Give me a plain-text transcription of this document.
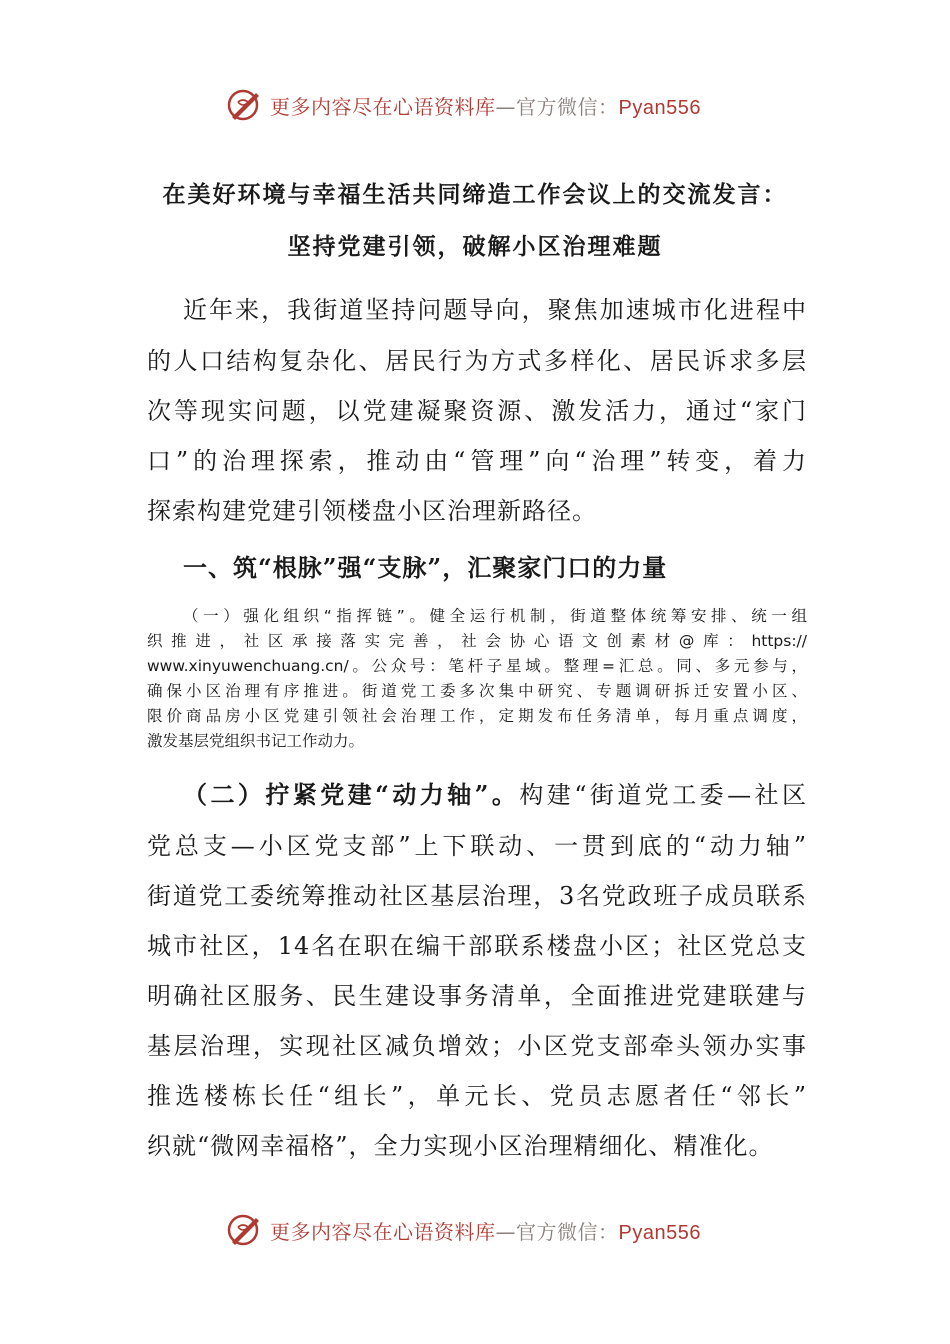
更多内容尽在心语资料库—官方微信：Pyan556
在美好环境与幸福生活共同缔造工作会议上的交流发言：
坚持党建引领，破解小区治理难题
近年来，我街道坚持问题导向，聚焦加速城市化进程中
的人口结构复杂化、居民行为方式多样化、居民诉求多层
次等现实问题，以党建凝聚资源、激发活力，通过“家门
口”的治理探索，推动由“管理”向“治理”转变，着力
探索构建党建引领楼盘小区治理新路径。
一、筑“根脉”强“支脉”，汇聚家门口的力量
（一）强化组织“指挥链”。健全运行机制，街道整体统筹安排、统一组
织推进，社区承接落实完善，社会协心语文创素材@库：https://
www.xinyuwenchuang.cn/。公众号：笔杆子星域。整理=汇总。同、多元参与，
确保小区治理有序推进。街道党工委多次集中研究、专题调研拆迁安置小区、
限价商品房小区党建引领社会治理工作，定期发布任务清单，每月重点调度，
激发基层党组织书记工作动力。
（二）拧紧党建“动力轴”。构建“街道党工委—社区
党总支—小区党支部”上下联动、一贯到底的“动力轴”
街道党工委统筹推动社区基层治理，3名党政班子成员联系
城市社区，14名在职在编干部联系楼盘小区；社区党总支
明确社区服务、民生建设事务清单，全面推进党建联建与
基层治理，实现社区减负增效；小区党支部牵头领办实事
推选楼栋长任“组长”，单元长、党员志愿者任“邻长”
织就“微网幸福格”，全力实现小区治理精细化、精准化。
更多内容尽在心语资料库—官方微信：Pyan556
